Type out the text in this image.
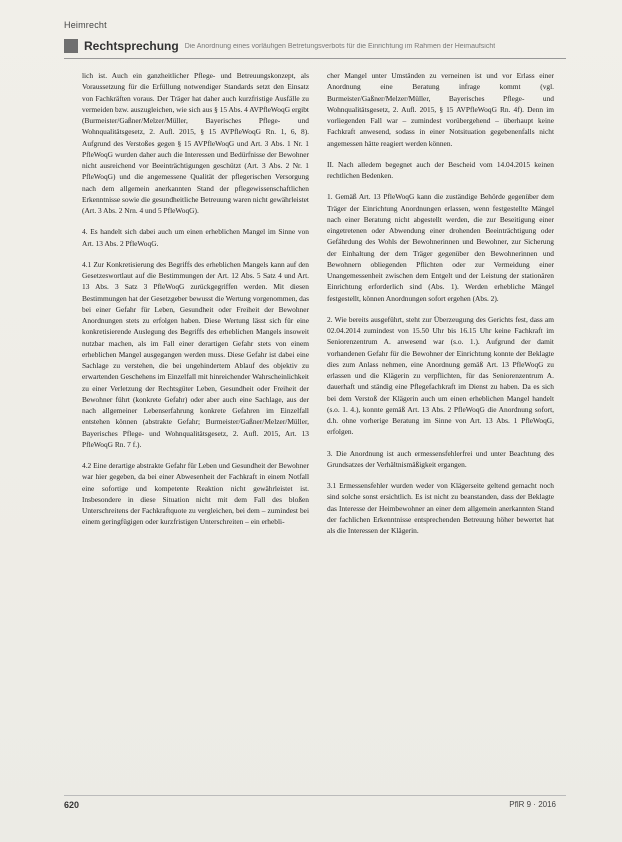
Heimrecht
Rechtsprechung Die Anordnung eines vorläufigen Betretungsverbots für die Einrichtung im Rahmen der Heimaufsicht

lich ist. Auch ein ganzheitlicher Pflege- und Betreuungskonzept, als Voraussetzung für die Erfüllung notwendiger Standards setzt den Einsatz von Fachkräften voraus. Der Träger hat daher auch kurzfristige Ausfälle zu vermeiden bzw. auszugleichen, wie sich aus § 15 Abs. 4 AVPfleWoqG ergibt (Burmeister/Gaßner/Melzer/Müller, Bayerisches Pflege- und Wohnqualitätsgesetz, 2. Aufl. 2015, § 15 AVPfleWoqG Rn. 1, 6, 8). Aufgrund des Verstoßes gegen § 15 AVPfleWoqG und Art. 3 Abs. 1 Nr. 1 PfleWoqG wurden daher auch die Interessen und Bedürfnisse der Bewohner nicht ausreichend vor Beeinträchtigungen geschützt (Art. 3 Abs. 2 Nr. 1 PfleWoqG) und die angemessene Qualität der pflegerischen Versorgung nach dem allgemein anerkannten Stand der pflegewissenschaftlichen Erkenntnisse sowie die gesundheitliche Betreuung waren nicht gewährleistet (Art. 3 Abs. 2 Nrn. 4 und 5 PfleWoqG).

4. Es handelt sich dabei auch um einen erheblichen Mangel im Sinne von Art. 13 Abs. 2 PfleWoqG.

4.1 Zur Konkretisierung des Begriffs des erheblichen Mangels kann auf den Gesetzeswortlaut auf die Bestimmungen der Art. 12 Abs. 5 Satz 4 und Art. 13 Abs. 3 Satz 3 PfleWoqG zurückgegriffen werden. Mit diesen Bestimmungen hat der Gesetzgeber bewusst die Wertung vorgenommen, das bei einer Gefahr für Leben, Gesundheit oder Freiheit der Bewohner Anordnungen stets zu erfolgen haben. Diese Wertung lässt sich für eine konkretisierende Auslegung des Begriffs des erheblichen Mangels insoweit nutzbar machen, als im Fall einer derartigen Gefahr stets von einem erheblichen Mangel ausgegangen werden muss. Diese Gefahr ist dabei eine Sachlage zu verstehen, die bei ungehindertem Ablauf des objektiv zu erwartenden Geschehens im Einzelfall mit hinreichender Wahrscheinlichkeit zu einer Verletzung der Rechtsgüter Leben, Gesundheit oder Freiheit der Bewohner führt (konkrete Gefahr) oder aber auch eine Sachlage, aus der nach allgemeiner Lebenserfahrung konkrete Gefahren im Einzelfall entstehen können (abstrakte Gefahr; Burmeister/Gaßner/Melzer/Müller, Bayerisches Pflege- und Wohnqualitätsgesetz, 2. Aufl. 2015, Art. 13 PfleWoqG Rn. 7 f.).

4.2 Eine derartige abstrakte Gefahr für Leben und Gesundheit der Bewohner war hier gegeben, da bei einer Abwesenheit der Fachkraft in einem Notfall eine sofortige und kompetente Reaktion nicht gewährleistet ist. Insbesondere in diese Situation nicht mit dem Fall des bloßen Unterschreitens der Fachkraftquote zu vergleichen, bei dem – zumindest bei einem geringfügigen oder kurzfristigen Unterschreiten – ein erhebli-

cher Mangel unter Umständen zu verneinen ist und vor Erlass einer Anordnung eine Beratung infrage kommt (vgl. Burmeister/Gaßner/Melzer/Müller, Bayerisches Pflege- und Wohnqualitätsgesetz, 2. Aufl. 2015, § 15 AVPfleWoqG Rn. 4f). Denn im vorliegenden Fall war – zumindest vorübergehend – überhaupt keine Fachkraft anwesend, sodass in einer Notsituation gegebenenfalls nicht angemessen hätte reagiert werden können.

II. Nach alledem begegnet auch der Bescheid vom 14.04.2015 keinen rechtlichen Bedenken.

1. Gemäß Art. 13 PfleWoqG kann die zuständige Behörde gegenüber dem Träger der Einrichtung Anordnungen erlassen, wenn festgestellte Mängel nach einer Beratung nicht abgestellt werden, die zur Beseitigung einer eingetretenen oder Abwendung einer drohenden Beeinträchtigung oder Gefährdung des Wohls der Bewohnerinnen und Bewohner, zur Sicherung der Einhaltung der dem Träger gegenüber den Bewohnerinnen und Bewohnern obliegenden Pflichten oder zur Vermeidung einer Unangemessenheit zwischen dem Entgelt und der Leistung der stationären Einrichtung erforderlich sind (Abs. 1). Werden erhebliche Mängel festgestellt, können Anordnungen sofort ergehen (Abs. 2).

2. Wie bereits ausgeführt, steht zur Überzeugung des Gerichts fest, dass am 02.04.2014 zumindest von 15.50 Uhr bis 16.15 Uhr keine Fachkraft im Seniorenzentrum A. anwesend war (s.o. 1.). Aufgrund der damit vorhandenen Gefahr für die Bewohner der Einrichtung konnte der Beklagte dies zum Anlass nehmen, eine Anordnung gemäß Art. 13 PfleWoqG zu erlassen und die Klägerin zu verpflichten, für das Seniorenzentrum A. dauerhaft und ständig eine Pflegefachkraft im Dienst zu haben. Da es sich bei dem Verstoß der Klägerin auch um einen erheblichen Mangel handelt (s.o. 1. 4.), konnte gemäß Art. 13 Abs. 2 PfleWoqG die Anordnung sofort, d.h. ohne vorherige Beratung im Sinne von Art. 13 Abs. 1 PfleWoqG, erfolgen.

3. Die Anordnung ist auch ermessensfehlerfrei und unter Beachtung des Grundsatzes der Verhältnismäßigkeit ergangen.

3.1 Ermessensfehler wurden weder von Klägerseite geltend gemacht noch sind solche sonst ersichtlich. Es ist nicht zu beanstanden, dass der Beklagte das Interesse der Heimbewohner an einer dem allgemein anerkannten Stand der fachlichen Erkenntnisse entsprechenden Betreuung höher bewertet hat als die Interessen der Klägerin.

620	PflR 9 · 2016
